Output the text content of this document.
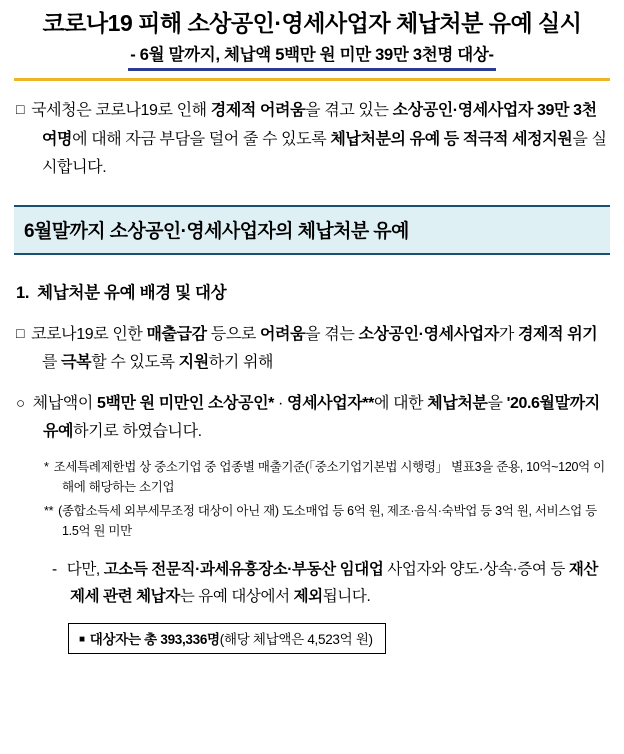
코로나19 피해 소상공인·영세사업자 체납처분 유예 실시
- 6월 말까지, 체납액 5백만 원 미만 39만 3천명 대상-
□ 국세청은 코로나19로 인해 경제적 어려움을 겪고 있는 소상공인·영세사업자 39만 3천 여명에 대해 자금 부담을 덜어 줄 수 있도록 체납처분의 유예 등 적극적 세정지원을 실시합니다.
6월말까지 소상공인·영세사업자의 체납처분 유예
1. 체납처분 유예 배경 및 대상
□ 코로나19로 인한 매출급감 등으로 어려움을 겪는 소상공인·영세사업자가 경제적 위기를 극복할 수 있도록 지원하기 위해
○ 체납액이 5백만 원 미만인 소상공인* · 영세사업자**에 대한 체납처분을 '20.6월말까지 유예하기로 하였습니다.
* 조세특례제한법 상 중소기업 중 업종별 매출기준(「중소기업기본법 시행령」 별표3을 준용, 10억~120억 이해에 해당하는 소기업
** (종합소득세 외부세무조정 대상이 아닌 재) 도소매업 등 6억 원, 제조·음식·숙박업 등 3억 원, 서비스업 등 1.5억 원 미만
- 다만, 고소득 전문직·과세유흥장소·부동산 임대업 사업자와 양도·상속·증여 등 재산제세 관련 체납자는 유예 대상에서 제외됩니다.
■ 대상자는 총 393,336명(해당 체납액은 4,523억 원)
